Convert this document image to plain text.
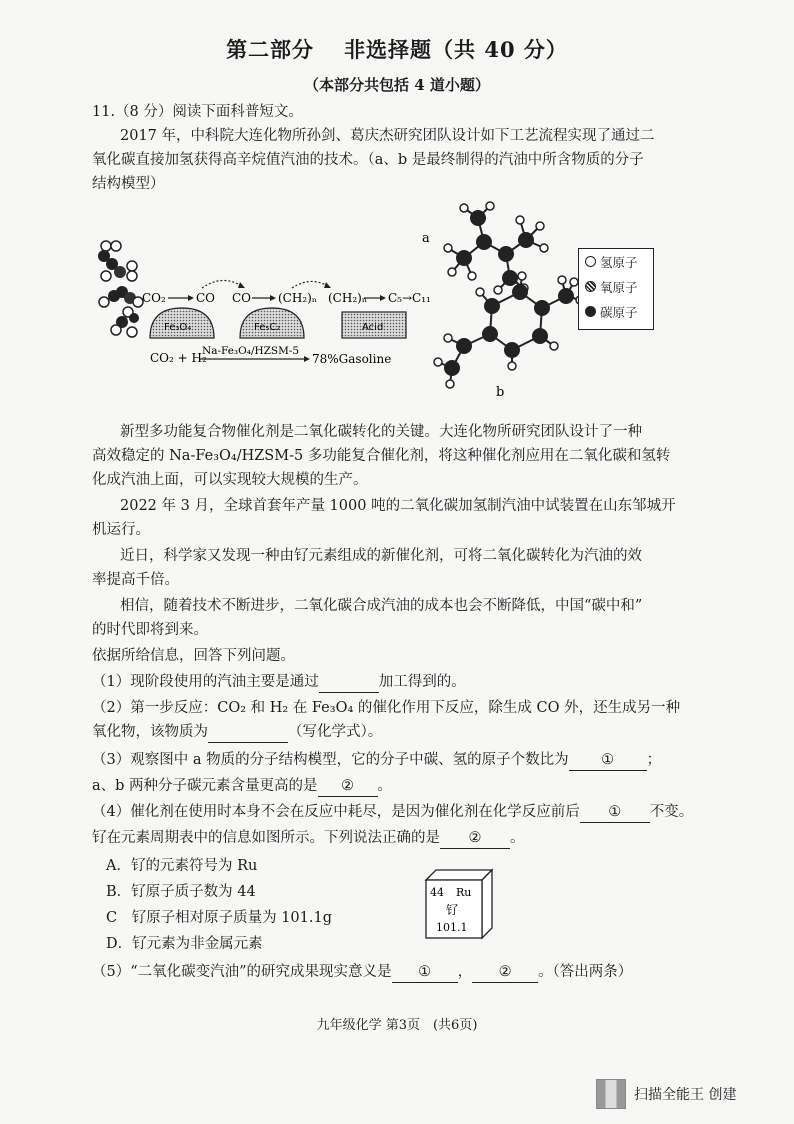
第二部分 非选择题（共 40 分）
（本部分共包括 4 道小题）
11.（8 分）阅读下面科普短文。
2017 年，中科院大连化物所孙剑、葛庆杰研究团队设计如下工艺流程实现了通过二
氧化碳直接加氢获得高辛烷值汽油的技术。（a、b 是最终制得的汽油中所含物质的分子
结构模型）
CO₂	CO CO (CH₂)ₙ (CH₂)ₙ C₅→C₁₁
Fe₃O₄	Fe₅C₂	Acid
CO₂ + H₂
Na-Fe₃O₄/HZSM-5
78%Gasoline
a
b
氢原子
氧原子
碳原子
新型多功能复合物催化剂是二氧化碳转化的关键。大连化物所研究团队设计了一种
高效稳定的 Na-Fe₃O₄/HZSM-5 多功能复合催化剂，将这种催化剂应用在二氧化碳和氢转
化成汽油上面，可以实现较大规模的生产。
2022 年 3 月，全球首套年产量 1000 吨的二氧化碳加氢制汽油中试装置在山东邹城开
机运行。
近日，科学家又发现一种由钌元素组成的新催化剂，可将二氧化碳转化为汽油的效
率提高千倍。
相信，随着技术不断进步，二氧化碳合成汽油的成本也会不断降低，中国“碳中和”
的时代即将到来。
依据所给信息，回答下列问题。
（1）现阶段使用的汽油主要是通过	加工得到的。
（2）第一步反应：CO₂ 和 H₂ 在 Fe₃O₄ 的催化作用下反应，除生成 CO 外，还生成另一种
氧化物，该物质为	（写化学式）。
（3）观察图中 a 物质的分子结构模型，它的分子中碳、氢的原子个数比为 ① ；
a、b 两种分子碳元素含量更高的是 ② 。
（4）催化剂在使用时本身不会在反应中耗尽，是因为催化剂在化学反应前后 ① 不变。
钌在元素周期表中的信息如图所示。下列说法正确的是 ② 。
A．钌的元素符号为 Ru
B．钌原子质子数为 44
C　钌原子相对原子质量为 101.1g
D．钌元素为非金属元素
44 Ru
钌
101.1
（5）“二氧化碳变汽油”的研究成果现实意义是 ① ， ② 。（答出两条）
九年级化学 第3页　(共6页)
扫描全能王 创建
